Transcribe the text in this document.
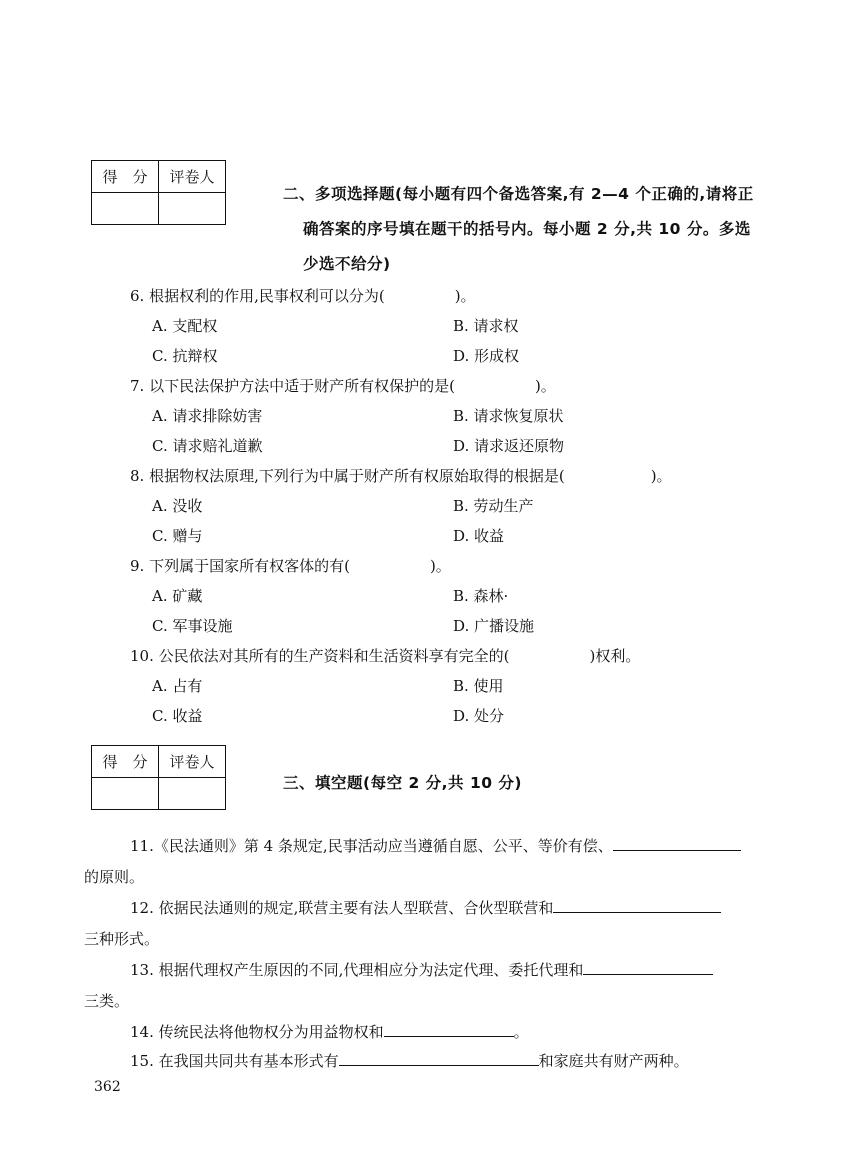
得　分	评卷人

二、多项选择题(每小题有四个备选答案,有 2—4 个正确的,请将正
确答案的序号填在题干的括号内。每小题 2 分,共 10 分。多选
少选不给分)
6. 根据权利的作用,民事权利可以分为(	)。
A. 支配权	B. 请求权
C. 抗辩权	D. 形成权
7. 以下民法保护方法中适于财产所有权保护的是(	)。
A. 请求排除妨害	B. 请求恢复原状
C. 请求赔礼道歉	D. 请求返还原物
8. 根据物权法原理,下列行为中属于财产所有权原始取得的根据是(	)。
A. 没收	B. 劳动生产
C. 赠与	D. 收益
9. 下列属于国家所有权客体的有(	)。
A. 矿藏	B. 森林·
C. 军事设施	D. 广播设施
10. 公民依法对其所有的生产资料和生活资料享有完全的(	)权利。
A. 占有	B. 使用
C. 收益	D. 处分
得　分	评卷人

三、填空题(每空 2 分,共 10 分)
11.《民法通则》第 4 条规定,民事活动应当遵循自愿、公平、等价有偿、
的原则。
12. 依据民法通则的规定,联营主要有法人型联营、合伙型联营和
三种形式。
13. 根据代理权产生原因的不同,代理相应分为法定代理、委托代理和
三类。
14. 传统民法将他物权分为用益物权和	。
15. 在我国共同共有基本形式有	和家庭共有财产两种。
362
